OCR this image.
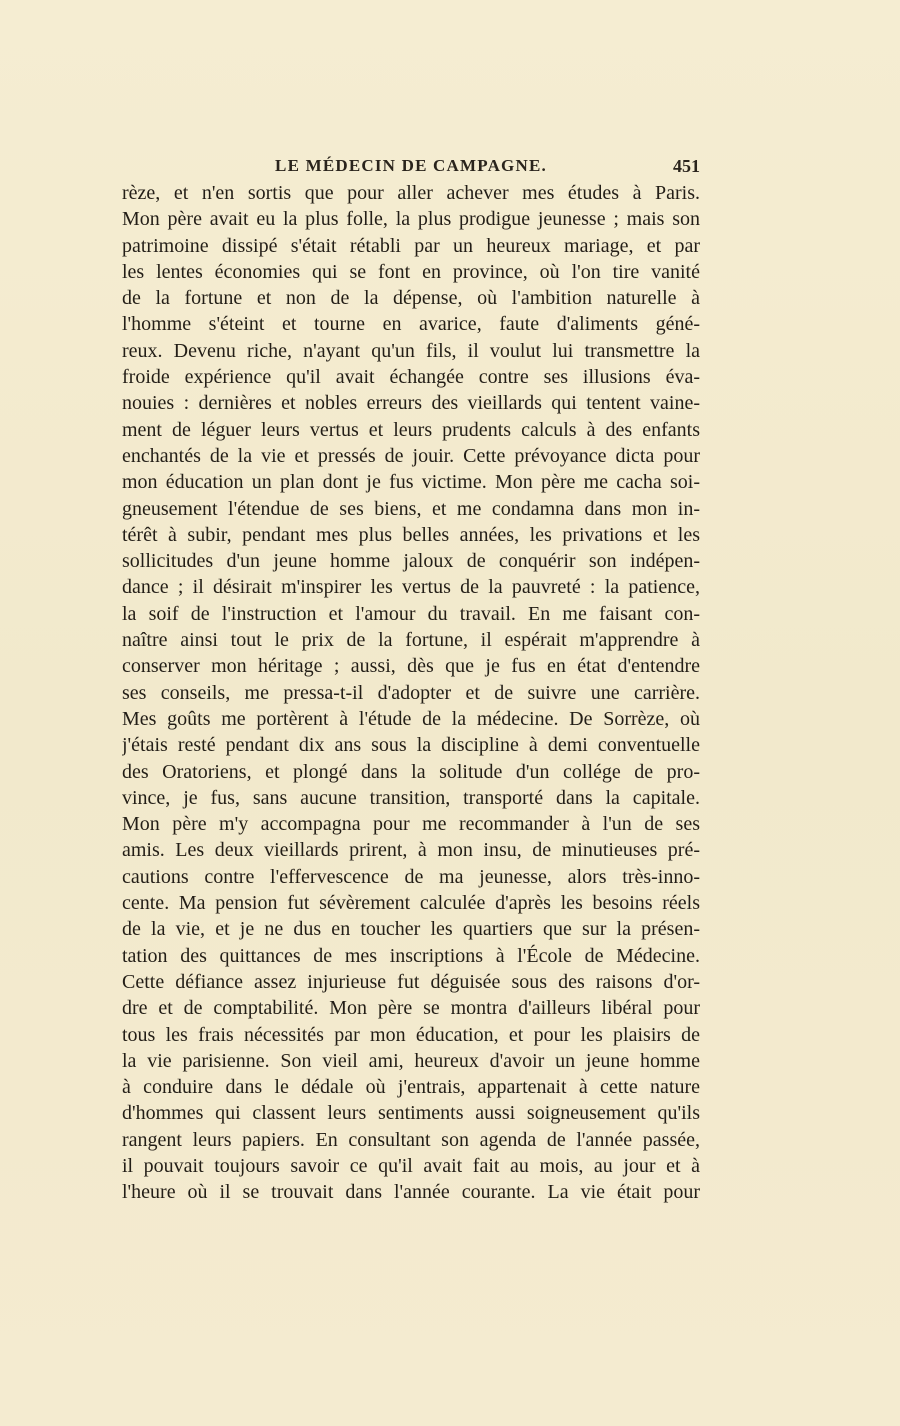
LE MÉDECIN DE CAMPAGNE.	451
rèze, et n'en sortis que pour aller achever mes études à Paris.
Mon père avait eu la plus folle, la plus prodigue jeunesse ; mais son
patrimoine dissipé s'était rétabli par un heureux mariage, et par
les lentes économies qui se font en province, où l'on tire vanité
de la fortune et non de la dépense, où l'ambition naturelle à
l'homme s'éteint et tourne en avarice, faute d'aliments géné-
reux. Devenu riche, n'ayant qu'un fils, il voulut lui transmettre la
froide expérience qu'il avait échangée contre ses illusions éva-
nouies : dernières et nobles erreurs des vieillards qui tentent vaine-
ment de léguer leurs vertus et leurs prudents calculs à des enfants
enchantés de la vie et pressés de jouir. Cette prévoyance dicta pour
mon éducation un plan dont je fus victime. Mon père me cacha soi-
gneusement l'étendue de ses biens, et me condamna dans mon in-
térêt à subir, pendant mes plus belles années, les privations et les
sollicitudes d'un jeune homme jaloux de conquérir son indépen-
dance ; il désirait m'inspirer les vertus de la pauvreté : la patience,
la soif de l'instruction et l'amour du travail. En me faisant con-
naître ainsi tout le prix de la fortune, il espérait m'apprendre à
conserver mon héritage ; aussi, dès que je fus en état d'entendre
ses conseils, me pressa-t-il d'adopter et de suivre une carrière.
Mes goûts me portèrent à l'étude de la médecine. De Sorrèze, où
j'étais resté pendant dix ans sous la discipline à demi conventuelle
des Oratoriens, et plongé dans la solitude d'un collége de pro-
vince, je fus, sans aucune transition, transporté dans la capitale.
Mon père m'y accompagna pour me recommander à l'un de ses
amis. Les deux vieillards prirent, à mon insu, de minutieuses pré-
cautions contre l'effervescence de ma jeunesse, alors très-inno-
cente. Ma pension fut sévèrement calculée d'après les besoins réels
de la vie, et je ne dus en toucher les quartiers que sur la présen-
tation des quittances de mes inscriptions à l'École de Médecine.
Cette défiance assez injurieuse fut déguisée sous des raisons d'or-
dre et de comptabilité. Mon père se montra d'ailleurs libéral pour
tous les frais nécessités par mon éducation, et pour les plaisirs de
la vie parisienne. Son vieil ami, heureux d'avoir un jeune homme
à conduire dans le dédale où j'entrais, appartenait à cette nature
d'hommes qui classent leurs sentiments aussi soigneusement qu'ils
rangent leurs papiers. En consultant son agenda de l'année passée,
il pouvait toujours savoir ce qu'il avait fait au mois, au jour et à
l'heure où il se trouvait dans l'année courante. La vie était pour
